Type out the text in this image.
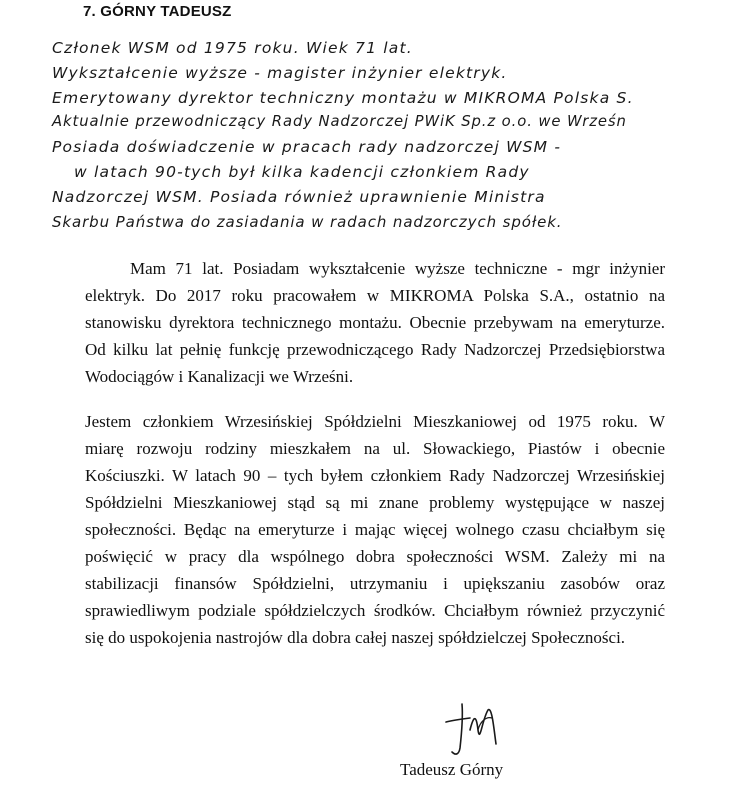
7. GÓRNY TADEUSZ
Członek WSM od 1975 roku. Wiek 71 lat.
Wykształcenie wyższe - magister inżynier elektryk.
Emerytowany dyrektor techniczny montażu w MIKROMA Polska S.
Aktualnie przewodniczący Rady Nadzorczej PWiK Sp.z o.o. we Wrześn
Posiada doświadczenie w pracach rady nadzorczej WSM -
w latach 90-tych był kilka kadencji członkiem Rady
Nadzorczej WSM. Posiada również uprawnienie Ministra
Skarbu Państwa do zasiadania w radach nadzorczych spółek.
Mam 71 lat. Posiadam wykształcenie wyższe techniczne - mgr inżynier
elektryk. Do 2017 roku pracowałem w MIKROMA Polska S.A., ostatnio na
stanowisku dyrektora technicznego montażu. Obecnie przebywam na emeryturze.
Od kilku lat pełnię funkcję przewodniczącego Rady Nadzorczej Przedsiębiorstwa
Wodociągów i Kanalizacji we Wrześni.
Jestem członkiem Wrzesińskiej Spółdzielni Mieszkaniowej od 1975 roku. W
miarę rozwoju rodziny mieszkałem na ul. Słowackiego, Piastów i obecnie
Kościuszki. W latach 90 – tych byłem członkiem Rady Nadzorczej Wrzesińskiej
Spółdzielni Mieszkaniowej stąd są mi znane problemy występujące w naszej
społeczności. Będąc na emeryturze i mając więcej wolnego czasu chciałbym się
poświęcić w pracy dla wspólnego dobra społeczności WSM. Zależy mi na
stabilizacji finansów Spółdzielni, utrzymaniu i upiększaniu zasobów oraz
sprawiedliwym podziale spółdzielczych środków. Chciałbym również przyczynić
się do uspokojenia nastrojów dla dobra całej naszej spółdzielczej Społeczności.
Tadeusz Górny
